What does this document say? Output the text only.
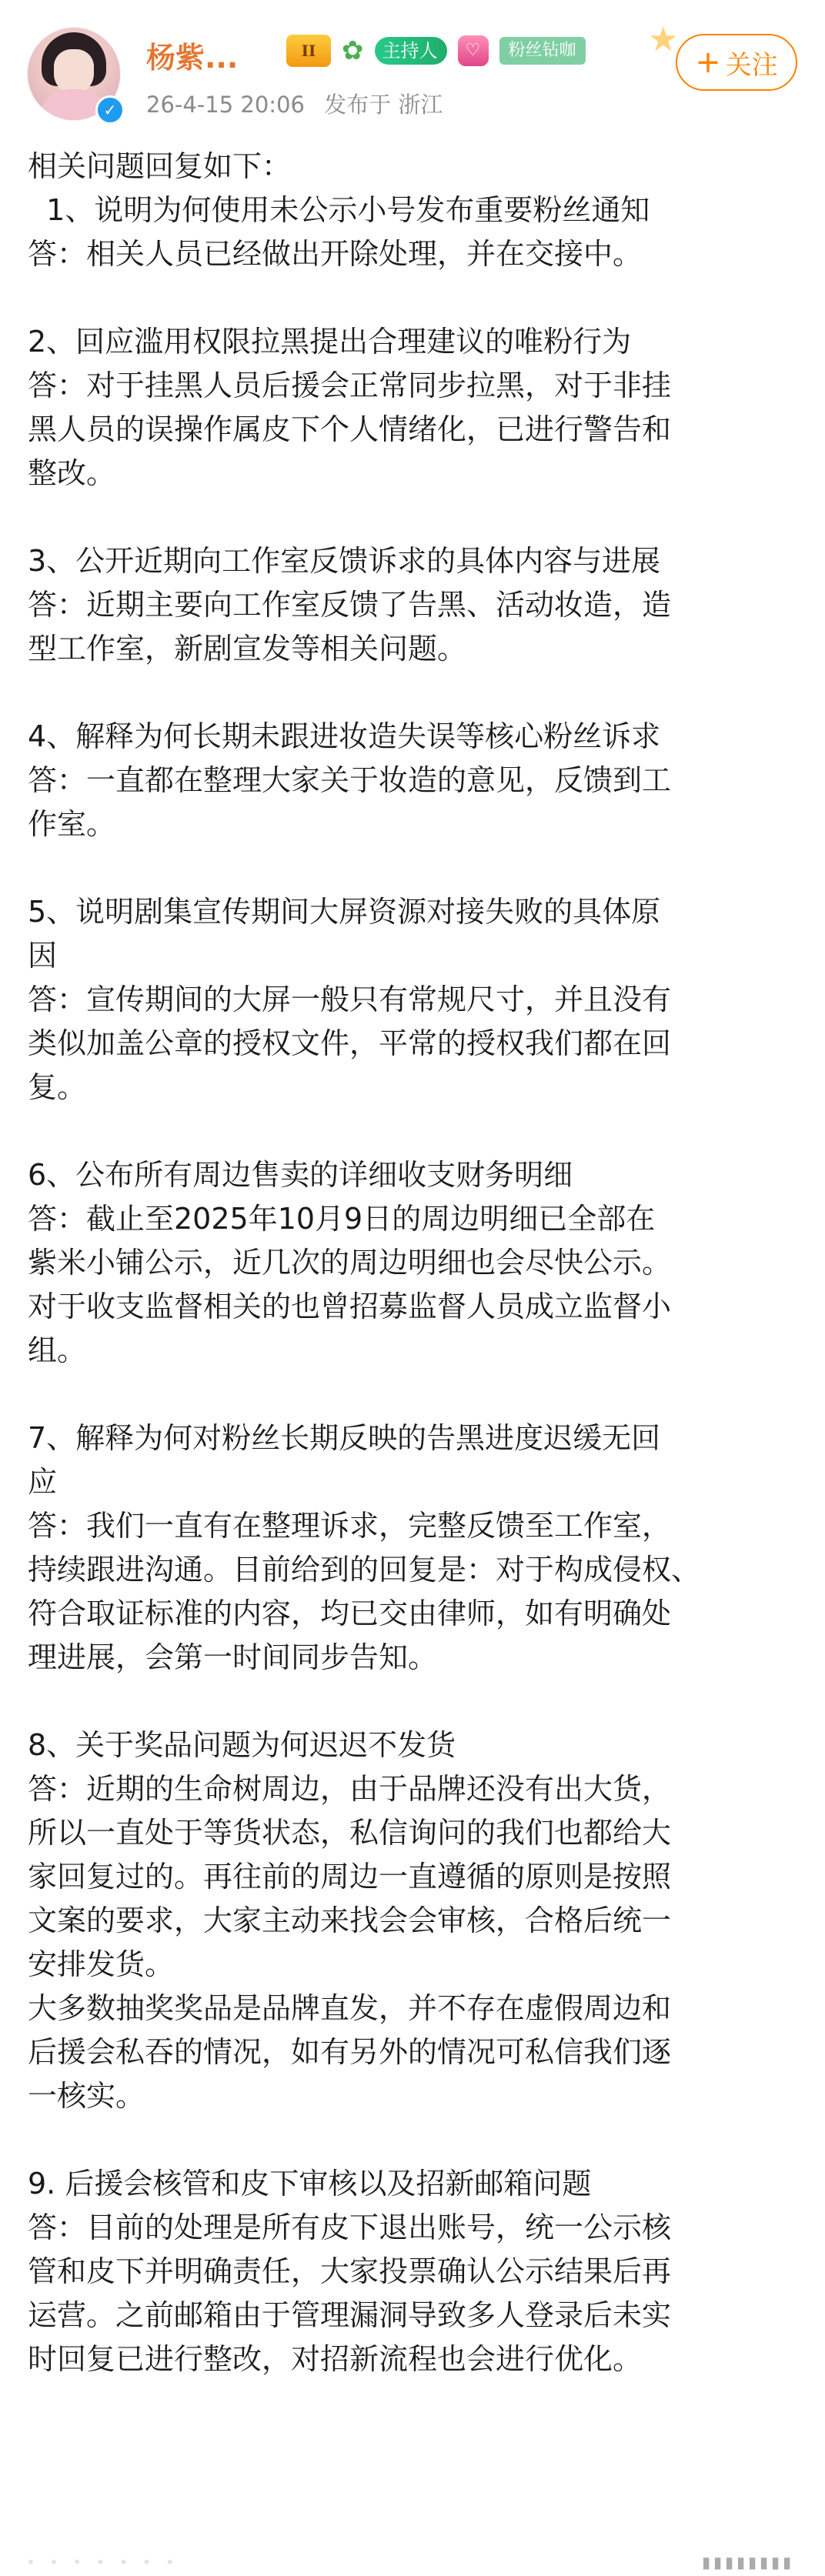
✓
杨紫...	II ✿	主持人	♡	粉丝钻咖 ★
+ 关注
26-4-15 20:06 发布于 浙江

相关问题回复如下：

1、说明为何使用未公示小号发布重要粉丝通知

答：相关人员已经做出开除处理，并在交接中。

2、回应滥用权限拉黑提出合理建议的唯粉行为

答：对于挂黑人员后援会正常同步拉黑，对于非挂

黑人员的误操作属皮下个人情绪化，已进行警告和

整改。

3、公开近期向工作室反馈诉求的具体内容与进展

答：近期主要向工作室反馈了告黑、活动妆造，造

型工作室，新剧宣发等相关问题。

4、解释为何长期未跟进妆造失误等核心粉丝诉求

答：一直都在整理大家关于妆造的意见，反馈到工

作室。

5、说明剧集宣传期间大屏资源对接失败的具体原

因

答：宣传期间的大屏一般只有常规尺寸，并且没有

类似加盖公章的授权文件，平常的授权我们都在回

复。

6、公布所有周边售卖的详细收支财务明细

答：截止至2025年10月9日的周边明细已全部在

紫米小铺公示，近几次的周边明细也会尽快公示。

对于收支监督相关的也曾招募监督人员成立监督小

组。

7、解释为何对粉丝长期反映的告黑进度迟缓无回

应

答：我们一直有在整理诉求，完整反馈至工作室，

持续跟进沟通。目前给到的回复是：对于构成侵权、

符合取证标准的内容，均已交由律师，如有明确处

理进展，会第一时间同步告知。

8、关于奖品问题为何迟迟不发货

答：近期的生命树周边，由于品牌还没有出大货，

所以一直处于等货状态，私信询问的我们也都给大

家回复过的。再往前的周边一直遵循的原则是按照

文案的要求，大家主动来找会会审核，合格后统一

安排发货。

大多数抽奖奖品是品牌直发，并不存在虚假周边和

后援会私吞的情况，如有另外的情况可私信我们逐

一核实。

9. 后援会核管和皮下审核以及招新邮箱问题

答：目前的处理是所有皮下退出账号，统一公示核

管和皮下并明确责任，大家投票确认公示结果后再

运营。之前邮箱由于管理漏洞导致多人登录后未实

时回复已进行整改，对招新流程也会进行优化。

• • • • • • •	▮▮▮▮▮▮▮▮
